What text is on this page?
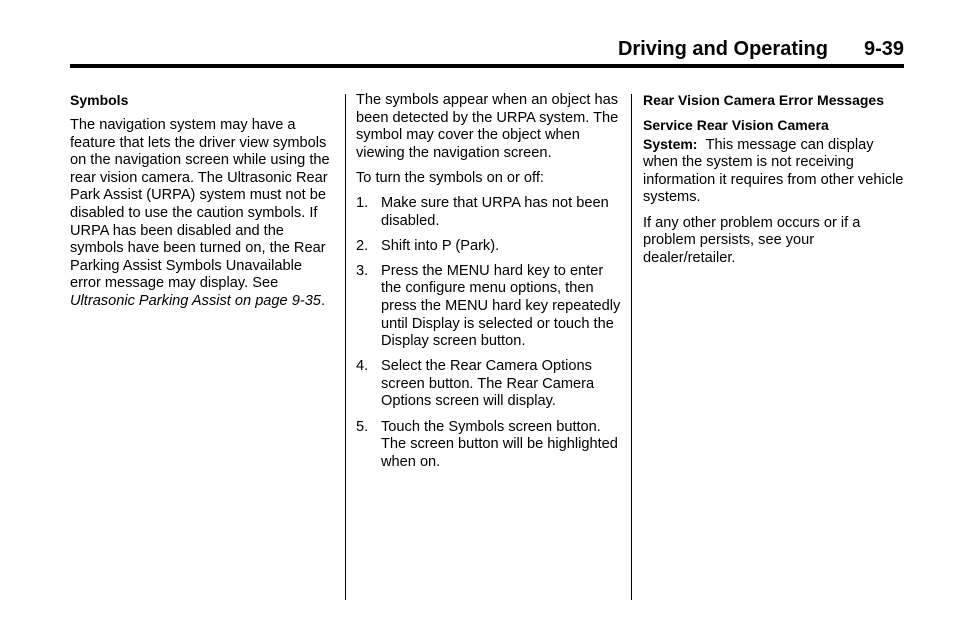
Driving and Operating 9-39

Symbols

The navigation system may have a feature that lets the driver view symbols on the navigation screen while using the rear vision camera. The Ultrasonic Rear Park Assist (URPA) system must not be disabled to use the caution symbols. If URPA has been disabled and the symbols have been turned on, the Rear Parking Assist Symbols Unavailable error message may display. See Ultrasonic Parking Assist on page 9-35.

The symbols appear when an object has been detected by the URPA system. The symbol may cover the object when viewing the navigation screen.

To turn the symbols on or off:

1. Make sure that URPA has not been disabled.
2. Shift into P (Park).
3. Press the MENU hard key to enter the configure menu options, then press the MENU hard key repeatedly until Display is selected or touch the Display screen button.
4. Select the Rear Camera Options screen button. The Rear Camera Options screen will display.
5. Touch the Symbols screen button. The screen button will be highlighted when on.

Rear Vision Camera Error Messages

Service Rear Vision Camera System: This message can display when the system is not receiving information it requires from other vehicle systems.

If any other problem occurs or if a problem persists, see your dealer/retailer.
